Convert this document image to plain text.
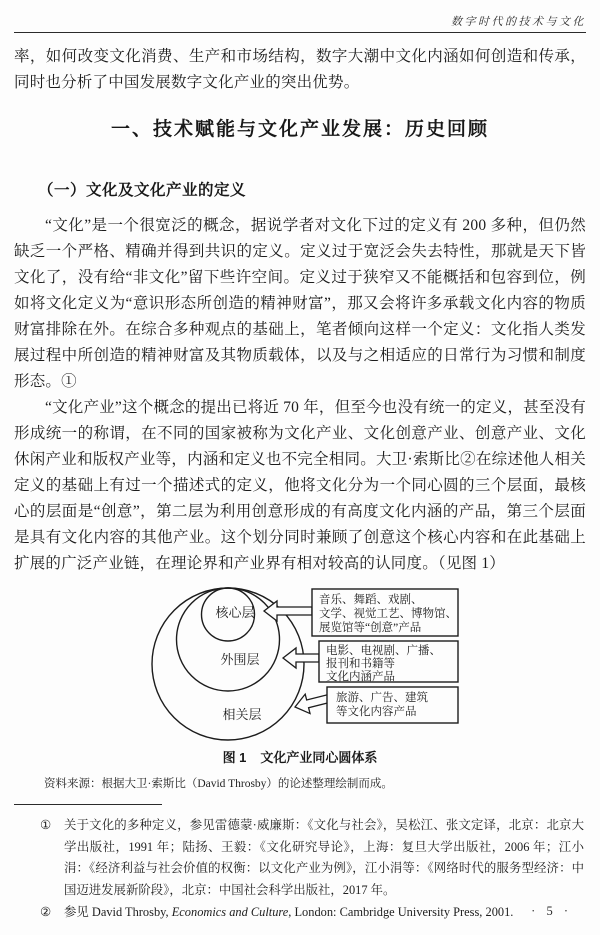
数字时代的技术与文化

率，如何改变文化消费、生产和市场结构，数字大潮中文化内涵如何创造和传承，同时也分析了中国发展数字文化产业的突出优势。

一、技术赋能与文化产业发展：历史回顾
（一）文化及文化产业的定义

“文化”是一个很宽泛的概念，据说学者对文化下过的定义有 200 多种，但仍然缺乏一个严格、精确并得到共识的定义。定义过于宽泛会失去特性，那就是天下皆文化了，没有给“非文化”留下些许空间。定义过于狭窄又不能概括和包容到位，例如将文化定义为“意识形态所创造的精神财富”，那又会将许多承载文化内容的物质财富排除在外。在综合多种观点的基础上，笔者倾向这样一个定义：文化指人类发展过程中所创造的精神财富及其物质载体，以及与之相适应的日常行为习惯和制度形态。①

“文化产业”这个概念的提出已将近 70 年，但至今也没有统一的定义，甚至没有形成统一的称谓，在不同的国家被称为文化产业、文化创意产业、创意产业、文化休闲产业和版权产业等，内涵和定义也不完全相同。大卫·索斯比②在综述他人相关定义的基础上有过一个描述式的定义，他将文化分为一个同心圆的三个层面，最核心的层面是“创意”，第二层为利用创意形成的有高度文化内涵的产品，第三个层面是具有文化内容的其他产业。这个划分同时兼顾了创意这个核心内容和在此基础上扩展的广泛产业链，在理论界和产业界有相对较高的认同度。（见图 1）

核心层
外围层
相关层
音乐、舞蹈、戏剧、
文学、视觉工艺、博物馆、
展览馆等“创意”产品
电影、电视剧、广播、
报刊和书籍等
文化内涵产品
旅游、广告、建筑
等文化内容产品
图 1 文化产业同心圆体系
资料来源：根据大卫·索斯比（David Throsby）的论述整理绘制而成。
①	关于文化的多种定义，参见雷德蒙·威廉斯：《文化与社会》，吴松江、张文定译，北京：北京大学出版社，1991 年；陆扬、王毅：《文化研究导论》，上海：复旦大学出版社，2006 年；江小涓：《经济利益与社会价值的权衡：以文化产业为例》，江小涓等：《网络时代的服务型经济：中国迈进发展新阶段》，北京：中国社会科学出版社，2017 年。
②	参见 David Throsby, Economics and Culture, London: Cambridge University Press, 2001.	· 5 ·
